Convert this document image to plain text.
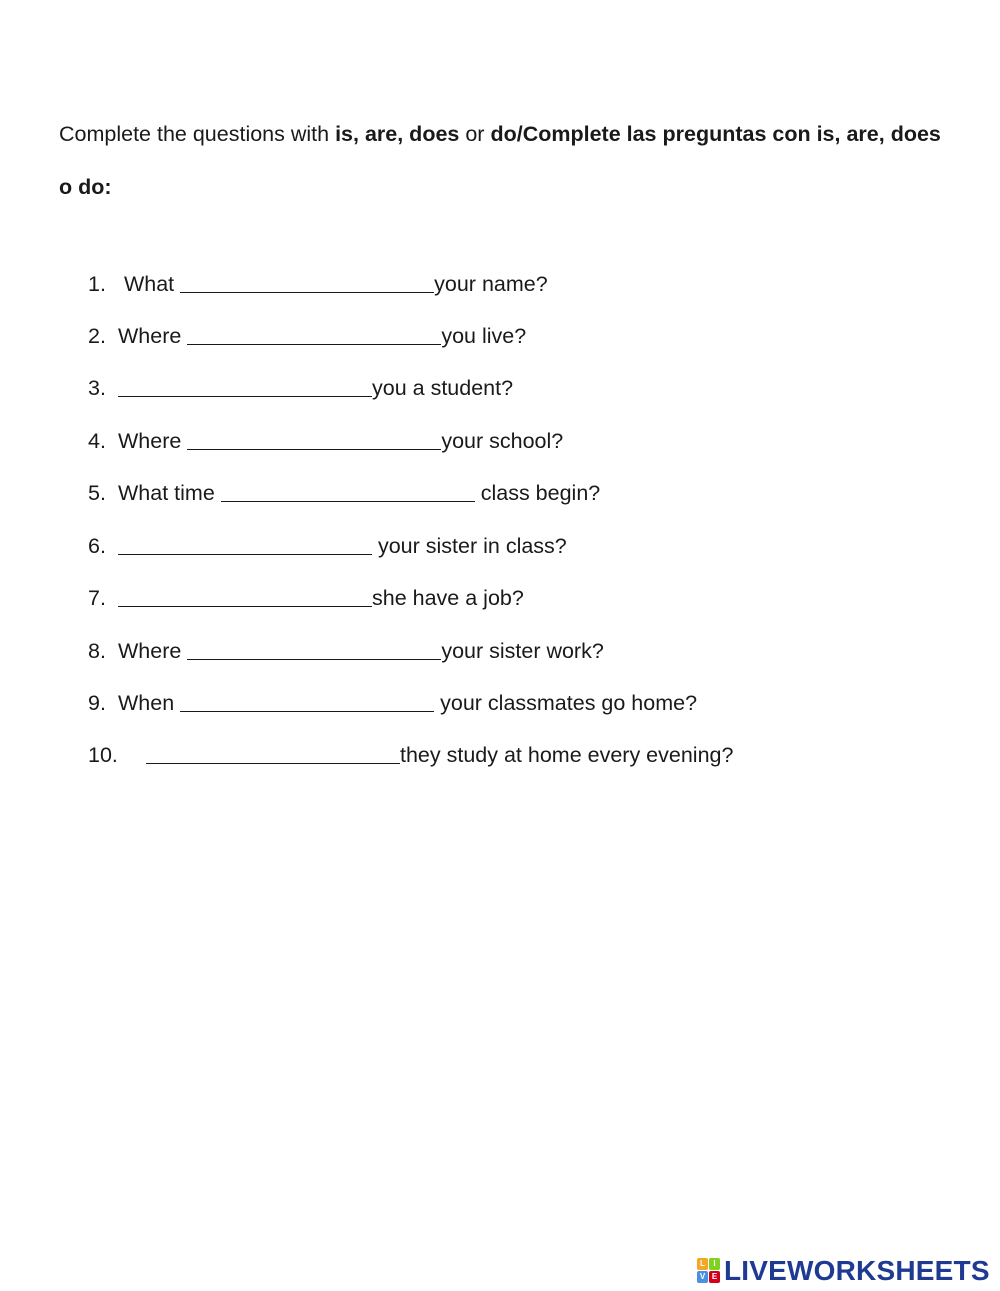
Complete the questions with is, are, does or do/Complete las preguntas con is, are, does o do:
1. What	your name?
2. Where	you live?
3.	you a student?
4. Where	your school?
5. What time	class begin?
6.	your sister in class?
7.	she have a job?
8. Where	your sister work?
9. When	your classmates go home?
10.	they study at home every evening?
L	I
V E LIVEWORKSHEETS
